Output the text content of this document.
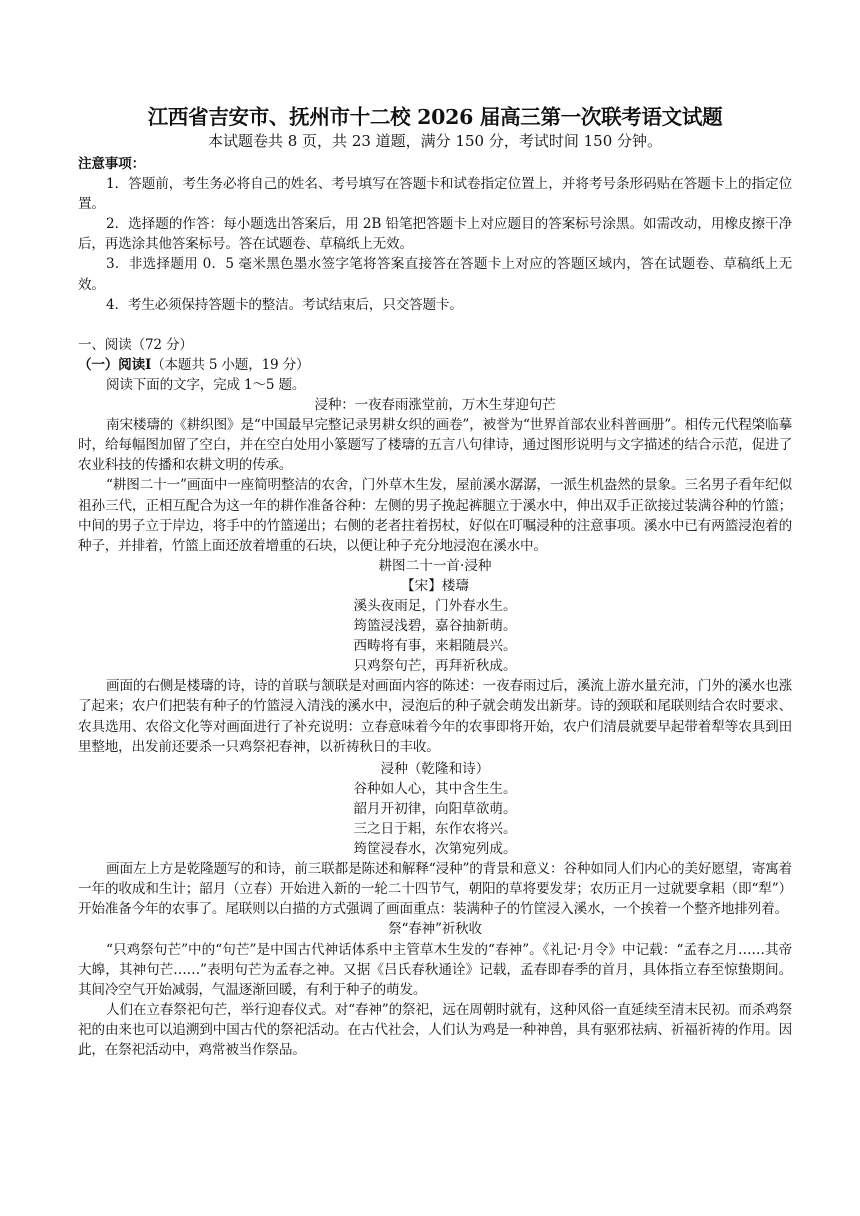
江西省吉安市、抚州市十二校 2026 届高三第一次联考语文试题

本试题卷共 8 页，共 23 道题，满分 150 分，考试时间 150 分钟。

注意事项：

1．答题前，考生务必将自己的姓名、考号填写在答题卡和试卷指定位置上，并将考号条形码贴在答题卡上的指定位置。

2．选择题的作答：每小题选出答案后，用 2B 铅笔把答题卡上对应题目的答案标号涂黑。如需改动，用橡皮擦干净后，再选涂其他答案标号。答在试题卷、草稿纸上无效。

3．非选择题用 0．5 毫米黑色墨水签字笔将答案直接答在答题卡上对应的答题区域内，答在试题卷、草稿纸上无效。

4．考生必须保持答题卡的整洁。考试结束后，只交答题卡。

一、阅读（72 分）

（一）阅读Ⅰ（本题共 5 小题，19 分）

阅读下面的文字，完成 1～5 题。

浸种：一夜春雨涨堂前，万木生芽迎句芒

南宋楼璹的《耕织图》是“中国最早完整记录男耕女织的画卷”，被誉为“世界首部农业科普画册”。相传元代程棨临摹时，给每幅图加留了空白，并在空白处用小篆题写了楼璹的五言八句律诗，通过图形说明与文字描述的结合示范，促进了农业科技的传播和农耕文明的传承。

“耕图二十一”画面中一座简明整洁的农舍，门外草木生发，屋前溪水潺潺，一派生机盎然的景象。三名男子看年纪似祖孙三代，正相互配合为这一年的耕作准备谷种：左侧的男子挽起裤腿立于溪水中，伸出双手正欲接过装满谷种的竹篮；中间的男子立于岸边，将手中的竹篮递出；右侧的老者拄着拐杖，好似在叮嘱浸种的注意事项。溪水中已有两篮浸泡着的种子，并排着，竹篮上面还放着增重的石块，以便让种子充分地浸泡在溪水中。

耕图二十一首·浸种

【宋】楼璹

溪头夜雨足，门外春水生。

筠篮浸浅碧，嘉谷抽新萌。

西畴将有事，来耜随晨兴。

只鸡祭句芒，再拜祈秋成。

画面的右侧是楼璹的诗，诗的首联与颔联是对画面内容的陈述：一夜春雨过后，溪流上游水量充沛，门外的溪水也涨了起来；农户们把装有种子的竹篮浸入清浅的溪水中，浸泡后的种子就会萌发出新芽。诗的颈联和尾联则结合农时要求、农具选用、农俗文化等对画面进行了补充说明：立春意味着今年的农事即将开始，农户们清晨就要早起带着犁等农具到田里整地，出发前还要杀一只鸡祭祀春神，以祈祷秋日的丰收。

浸种（乾隆和诗）

谷种如人心，其中含生生。

韶月开初律，向阳草欲萌。

三之日于耜，东作农将兴。

筠筐浸春水，次第宛列成。

画面左上方是乾隆题写的和诗，前三联都是陈述和解释“浸种”的背景和意义：谷种如同人们内心的美好愿望，寄寓着一年的收成和生计；韶月（立春）开始进入新的一轮二十四节气，朝阳的草将要发芽；农历正月一过就要拿耜（即“犁”）开始准备今年的农事了。尾联则以白描的方式强调了画面重点：装满种子的竹筐浸入溪水，一个挨着一个整齐地排列着。

祭“春神”祈秋收

“只鸡祭句芒”中的“句芒”是中国古代神话体系中主管草木生发的“春神”。《礼记·月令》中记载：“孟春之月……其帝大皞，其神句芒……”表明句芒为孟春之神。又据《吕氏春秋通诠》记载，孟春即春季的首月，具体指立春至惊蛰期间。其间冷空气开始减弱，气温逐渐回暖，有利于种子的萌发。

人们在立春祭祀句芒，举行迎春仪式。对“春神”的祭祀，远在周朝时就有，这种风俗一直延续至清末民初。而杀鸡祭祀的由来也可以追溯到中国古代的祭祀活动。在古代社会，人们认为鸡是一种神兽，具有驱邪祛病、祈福祈祷的作用。因此，在祭祀活动中，鸡常被当作祭品。
